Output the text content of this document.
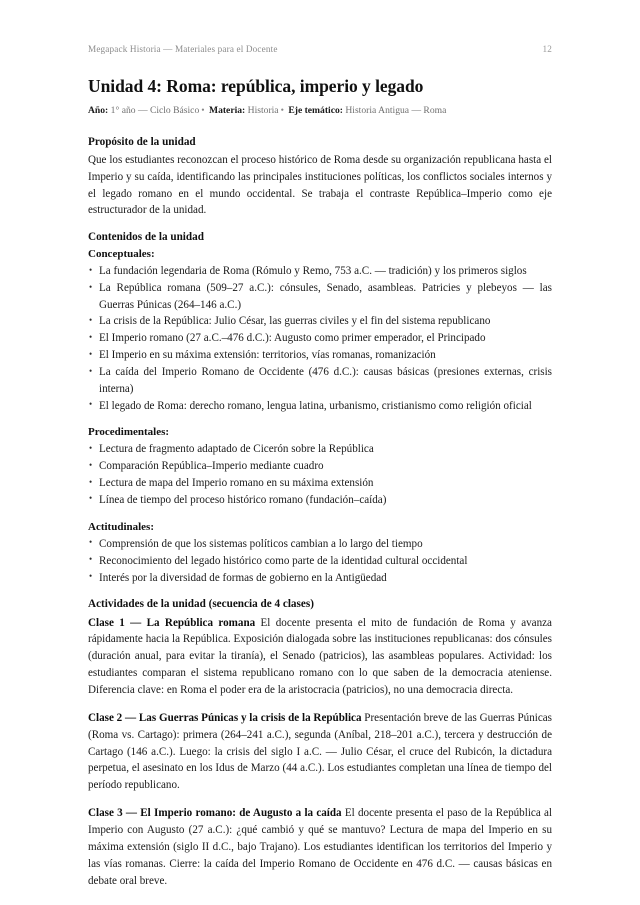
Megapack Historia — Materiales para el Docente	12
Unidad 4: Roma: república, imperio y legado

Año: 1° año — Ciclo Básico • Materia: Historia • Eje temático: Historia Antigua — Roma

Propósito de la unidad

Que los estudiantes reconozcan el proceso histórico de Roma desde su organización republicana hasta el Imperio y su caída, identificando las principales instituciones políticas, los conflictos sociales internos y el legado romano en el mundo occidental. Se trabaja el contraste República–Imperio como eje estructurador de la unidad.

Contenidos de la unidad
Conceptuales:
• La fundación legendaria de Roma (Rómulo y Remo, 753 a.C. — tradición) y los primeros siglos
• La República romana (509–27 a.C.): cónsules, Senado, asambleas. Patricies y plebeyos — las Guerras Púnicas (264–146 a.C.)
• La crisis de la República: Julio César, las guerras civiles y el fin del sistema republicano
• El Imperio romano (27 a.C.–476 d.C.): Augusto como primer emperador, el Principado
• El Imperio en su máxima extensión: territorios, vías romanas, romanización
• La caída del Imperio Romano de Occidente (476 d.C.): causas básicas (presiones externas, crisis interna)
• El legado de Roma: derecho romano, lengua latina, urbanismo, cristianismo como religión oficial
Procedimentales:
• Lectura de fragmento adaptado de Cicerón sobre la República
• Comparación República–Imperio mediante cuadro
• Lectura de mapa del Imperio romano en su máxima extensión
• Línea de tiempo del proceso histórico romano (fundación–caída)
Actitudinales:
• Comprensión de que los sistemas políticos cambian a lo largo del tiempo
• Reconocimiento del legado histórico como parte de la identidad cultural occidental
• Interés por la diversidad de formas de gobierno en la Antigüedad
Actividades de la unidad (secuencia de 4 clases)

Clase 1 — La República romana El docente presenta el mito de fundación de Roma y avanza rápidamente hacia la República. Exposición dialogada sobre las instituciones republicanas: dos cónsules (duración anual, para evitar la tiranía), el Senado (patricios), las asambleas populares. Actividad: los estudiantes comparan el sistema republicano romano con lo que saben de la democracia ateniense. Diferencia clave: en Roma el poder era de la aristocracia (patricios), no una democracia directa.

Clase 2 — Las Guerras Púnicas y la crisis de la República Presentación breve de las Guerras Púnicas (Roma vs. Cartago): primera (264–241 a.C.), segunda (Aníbal, 218–201 a.C.), tercera y destrucción de Cartago (146 a.C.). Luego: la crisis del siglo I a.C. — Julio César, el cruce del Rubicón, la dictadura perpetua, el asesinato en los Idus de Marzo (44 a.C.). Los estudiantes completan una línea de tiempo del período republicano.

Clase 3 — El Imperio romano: de Augusto a la caída El docente presenta el paso de la República al Imperio con Augusto (27 a.C.): ¿qué cambió y qué se mantuvo? Lectura de mapa del Imperio en su máxima extensión (siglo II d.C., bajo Trajano). Los estudiantes identifican los territorios del Imperio y las vías romanas. Cierre: la caída del Imperio Romano de Occidente en 476 d.C. — causas básicas en debate oral breve.
